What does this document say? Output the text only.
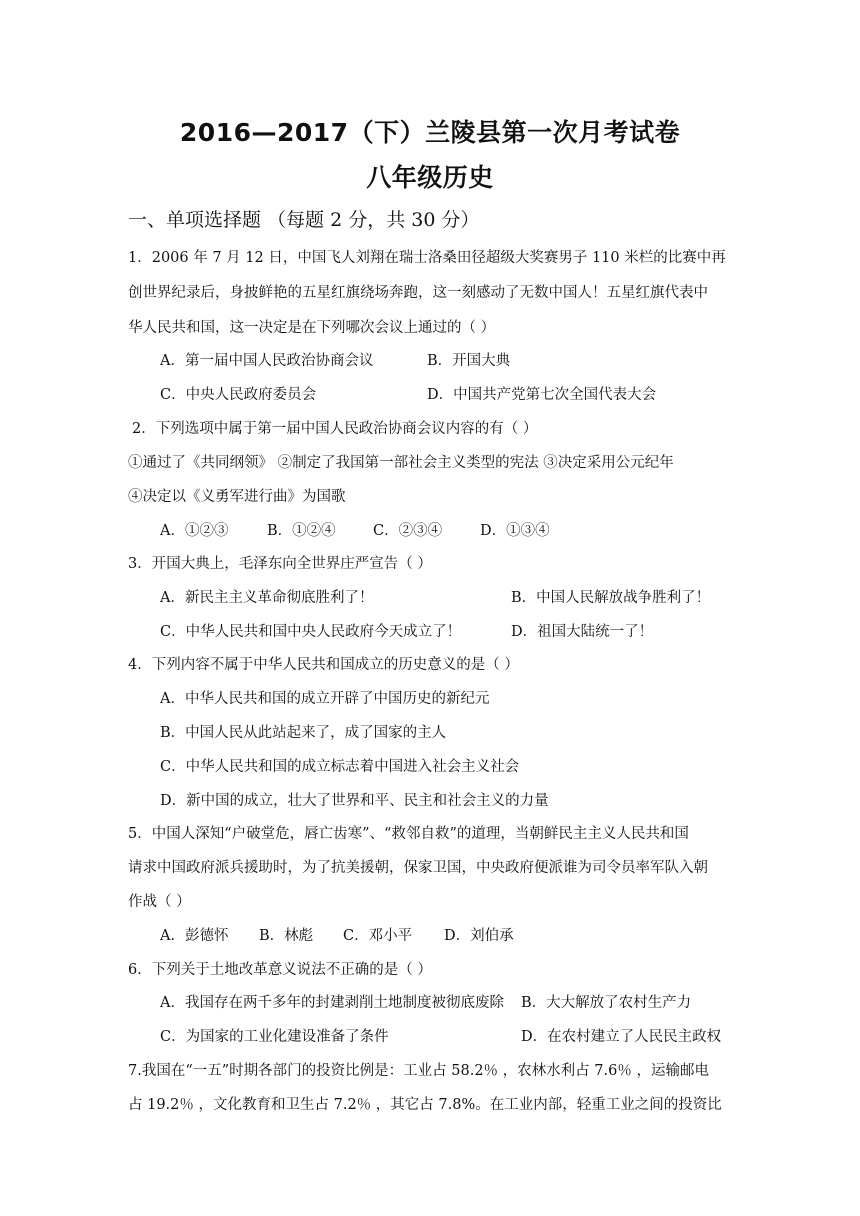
2016—2017（下）兰陵县第一次月考试卷
八年级历史
一、单项选择题 （每题 2 分，共 30 分）
1．2006 年 7 月 12 日，中国飞人刘翔在瑞士洛桑田径超级大奖赛男子 110 米栏的比赛中再
创世界纪录后，身披鲜艳的五星红旗绕场奔跑，这一刻感动了无数中国人！五星红旗代表中
华人民共和国，这一决定是在下列哪次会议上通过的（ ）
A．第一届中国人民政治协商会议	B．开国大典
C．中央人民政府委员会	D．中国共产党第七次全国代表大会
2．下列选项中属于第一届中国人民政治协商会议内容的有（ ）
①通过了《共同纲领》 ②制定了我国第一部社会主义类型的宪法 ③决定采用公元纪年
④决定以《义勇军进行曲》为国歌
A．①②③	B．①②④	C．②③④	D．①③④
3．开国大典上，毛泽东向全世界庄严宣告（ ）
A．新民主主义革命彻底胜利了！	B．中国人民解放战争胜利了！
C．中华人民共和国中央人民政府今天成立了！	D．祖国大陆统一了！
4．下列内容不属于中华人民共和国成立的历史意义的是（ ）
A．中华人民共和国的成立开辟了中国历史的新纪元
B．中国人民从此站起来了，成了国家的主人
C．中华人民共和国的成立标志着中国进入社会主义社会
D．新中国的成立，壮大了世界和平、民主和社会主义的力量
5．中国人深知“户破堂危，唇亡齿寒”、“救邻自救”的道理，当朝鲜民主主义人民共和国
请求中国政府派兵援助时，为了抗美援朝，保家卫国，中央政府便派谁为司令员率军队入朝
作战（ ）
A．彭德怀 B．林彪 C．邓小平 D．刘伯承
6．下列关于土地改革意义说法不正确的是（ ）
A．我国存在两千多年的封建剥削土地制度被彻底废除 B．大大解放了农村生产力
C．为国家的工业化建设准备了条件	D．在农村建立了人民民主政权
7.我国在“一五”时期各部门的投资比例是：工业占 58.2％ ，农林水利占 7.6％ ，运输邮电
占 19.2％ ，文化教育和卫生占 7.2％ ，其它占 7.8%。在工业内部，轻重工业之间的投资比
